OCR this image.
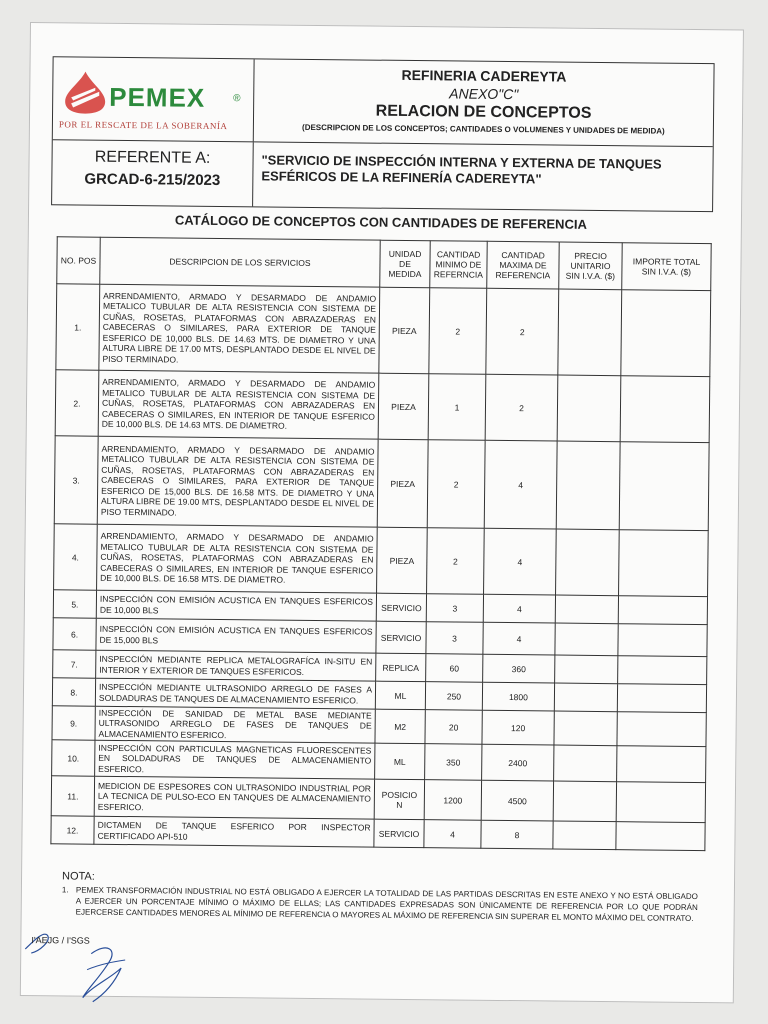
PEMEX	®
POR EL RESCATE DE LA SOBERANÍA
REFINERIA CADEREYTA
ANEXO"C"
RELACION DE CONCEPTOS
(DESCRIPCION DE LOS CONCEPTOS; CANTIDADES O VOLUMENES Y UNIDADES DE MEDIDA)
REFERENTE A:
GRCAD-6-215/2023
"SERVICIO DE INSPECCIÓN INTERNA Y EXTERNA DE TANQUES ESFÉRICOS DE LA REFINERÍA CADEREYTA"
CATÁLOGO DE CONCEPTOS CON CANTIDADES DE REFERENCIA
NO. POS	DESCRIPCION DE LOS SERVICIOS	UNIDAD DE MEDIDA	CANTIDAD MINIMO DE REFERNCIA	CANTIDAD MAXIMA DE REFERENCIA	PRECIO UNITARIO SIN I.V.A. ($)	IMPORTE TOTAL SIN I.V.A. ($)
1.	ARRENDAMIENTO, ARMADO Y DESARMADO DE ANDAMIO METALICO TUBULAR DE ALTA RESISTENCIA CON SISTEMA DE CUÑAS, ROSETAS, PLATAFORMAS CON ABRAZADERAS EN CABECERAS O SIMILARES, PARA EXTERIOR DE TANQUE ESFERICO DE 10,000 BLS. DE 14.63 MTS. DE DIAMETRO Y UNA ALTURA LIBRE DE 17.00 MTS, DESPLANTADO DESDE EL NIVEL DE PISO TERMINADO.	PIEZA	2	2		
2.	ARRENDAMIENTO, ARMADO Y DESARMADO DE ANDAMIO METALICO TUBULAR DE ALTA RESISTENCIA CON SISTEMA DE CUÑAS, ROSETAS, PLATAFORMAS CON ABRAZADERAS EN CABECERAS O SIMILARES, EN INTERIOR DE TANQUE ESFERICO DE 10,000 BLS. DE 14.63 MTS. DE DIAMETRO.	PIEZA	1	2		
3.	ARRENDAMIENTO, ARMADO Y DESARMADO DE ANDAMIO METALICO TUBULAR DE ALTA RESISTENCIA CON SISTEMA DE CUÑAS, ROSETAS, PLATAFORMAS CON ABRAZADERAS EN CABECERAS O SIMILARES, PARA EXTERIOR DE TANQUE ESFERICO DE 15,000 BLS. DE 16.58 MTS. DE DIAMETRO Y UNA ALTURA LIBRE DE 19.00 MTS, DESPLANTADO DESDE EL NIVEL DE PISO TERMINADO.	PIEZA	2	4		
4.	ARRENDAMIENTO, ARMADO Y DESARMADO DE ANDAMIO METALICO TUBULAR DE ALTA RESISTENCIA CON SISTEMA DE CUÑAS, ROSETAS, PLATAFORMAS CON ABRAZADERAS EN CABECERAS O SIMILARES, EN INTERIOR DE TANQUE ESFERICO DE 10,000 BLS. DE 16.58 MTS. DE DIAMETRO.	PIEZA	2	4		
5.	INSPECCIÓN CON EMISIÓN ACUSTICA EN TANQUES ESFERICOS DE 10,000 BLS	SERVICIO	3	4		
6.	INSPECCIÓN CON EMISIÓN ACUSTICA EN TANQUES ESFERICOS DE 15,000 BLS	SERVICIO	3	4		
7.	INSPECCIÓN MEDIANTE REPLICA METALOGRAFÍCA IN-SITU EN INTERIOR Y EXTERIOR DE TANQUES ESFERICOS.	REPLICA	60	360		
8.	INSPECCIÓN MEDIANTE ULTRASONIDO ARREGLO DE FASES A SOLDADURAS DE TANQUES DE ALMACENAMIENTO ESFERICO.	ML	250	1800		
9.	INSPECCIÓN DE SANIDAD DE METAL BASE MEDIANTE ULTRASONIDO ARREGLO DE FASES DE TANQUES DE ALMACENAMIENTO ESFERICO.	M2	20	120		
10.	INSPECCIÓN CON PARTICULAS MAGNETICAS FLUORESCENTES EN SOLDADURAS DE TANQUES DE ALMACENAMIENTO ESFERICO.	ML	350	2400		
11.	MEDICION DE ESPESORES CON ULTRASONIDO INDUSTRIAL POR LA TECNICA DE PULSO-ECO EN TANQUES DE ALMACENAMIENTO ESFERICO.	POSICIO N	1200	4500		
12.	DICTAMEN DE TANQUE ESFERICO POR INSPECTOR CERTIFICADO API-510	SERVICIO	4	8		
NOTA:
1. PEMEX TRANSFORMACIÓN INDUSTRIAL NO ESTÁ OBLIGADO A EJERCER LA TOTALIDAD DE LAS PARTIDAS DESCRITAS EN ESTE ANEXO Y NO ESTÁ OBLIGADO A EJERCER UN PORCENTAJE MÍNIMO O MÁXIMO DE ELLAS; LAS CANTIDADES EXPRESADAS SON ÚNICAMENTE DE REFERENCIA POR LO QUE PODRÁN EJERCERSE CANTIDADES MENORES AL MÍNIMO DE REFERENCIA O MAYORES AL MÁXIMO DE REFERENCIA SIN SUPERAR EL MONTO MÁXIMO DEL CONTRATO.
I'AEJG / I'SGS
